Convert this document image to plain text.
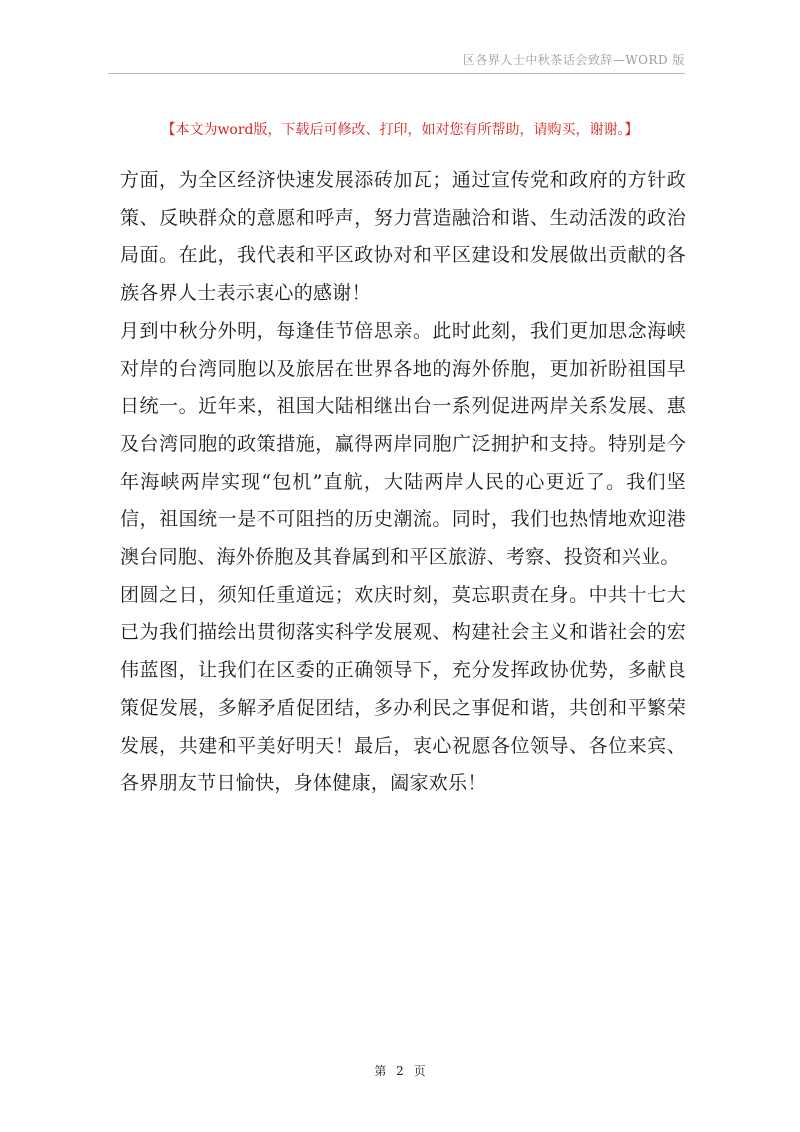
区各界人士中秋茶话会致辞—WORD 版
【本文为word版，下载后可修改、打印，如对您有所帮助，请购买，谢谢。】

方面，为全区经济快速发展添砖加瓦；通过宣传党和政府的方针政策、反映群众的意愿和呼声，努力营造融洽和谐、生动活泼的政治局面。在此，我代表和平区政协对和平区建设和发展做出贡献的各族各界人士表示衷心的感谢！

月到中秋分外明，每逢佳节倍思亲。此时此刻，我们更加思念海峡对岸的台湾同胞以及旅居在世界各地的海外侨胞，更加祈盼祖国早日统一。近年来，祖国大陆相继出台一系列促进两岸关系发展、惠及台湾同胞的政策措施，赢得两岸同胞广泛拥护和支持。特别是今年海峡两岸实现“包机”直航，大陆两岸人民的心更近了。我们坚信，祖国统一是不可阻挡的历史潮流。同时，我们也热情地欢迎港澳台同胞、海外侨胞及其眷属到和平区旅游、考察、投资和兴业。

团圆之日，须知任重道远；欢庆时刻，莫忘职责在身。中共十七大已为我们描绘出贯彻落实科学发展观、构建社会主义和谐社会的宏伟蓝图，让我们在区委的正确领导下，充分发挥政协优势，多献良策促发展，多解矛盾促团结，多办利民之事促和谐，共创和平繁荣发展，共建和平美好明天！最后，衷心祝愿各位领导、各位来宾、各界朋友节日愉快，身体健康，阖家欢乐！

第 2 页
